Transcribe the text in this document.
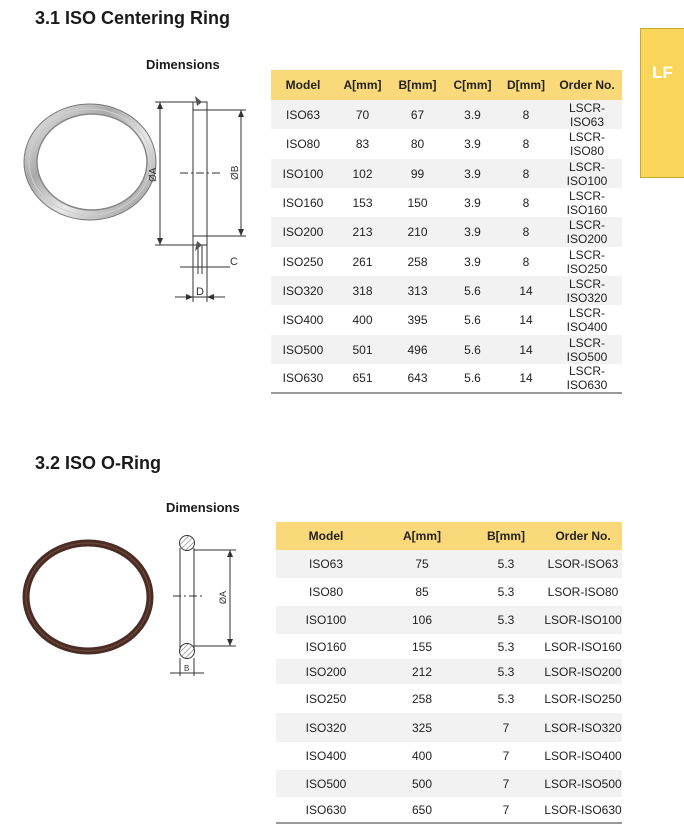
LF
3.1 ISO Centering Ring
Dimensions
ØA	ØB
C
D
Model	A[mm]	B[mm]	C[mm]	D[mm]	Order No.
ISO63	70	67	3.9	8	LSCR-ISO63
ISO80	83	80	3.9	8	LSCR-ISO80
ISO100	102	99	3.9	8	LSCR-ISO100
ISO160	153	150	3.9	8	LSCR-ISO160
ISO200	213	210	3.9	8	LSCR-ISO200
ISO250	261	258	3.9	8	LSCR-ISO250
ISO320	318	313	5.6	14	LSCR-ISO320
ISO400	400	395	5.6	14	LSCR-ISO400
ISO500	501	496	5.6	14	LSCR-ISO500
ISO630	651	643	5.6	14	LSCR-ISO630
3.2 ISO O-Ring
Dimensions
ØA
B
Model	A[mm]	B[mm]	Order No.
ISO63	75	5.3	LSOR-ISO63
ISO80	85	5.3	LSOR-ISO80
ISO100	106	5.3	LSOR-ISO100
ISO160	155	5.3	LSOR-ISO160
ISO200	212	5.3	LSOR-ISO200
ISO250	258	5.3	LSOR-ISO250
ISO320	325	7	LSOR-ISO320
ISO400	400	7	LSOR-ISO400
ISO500	500	7	LSOR-ISO500
ISO630	650	7	LSOR-ISO630
